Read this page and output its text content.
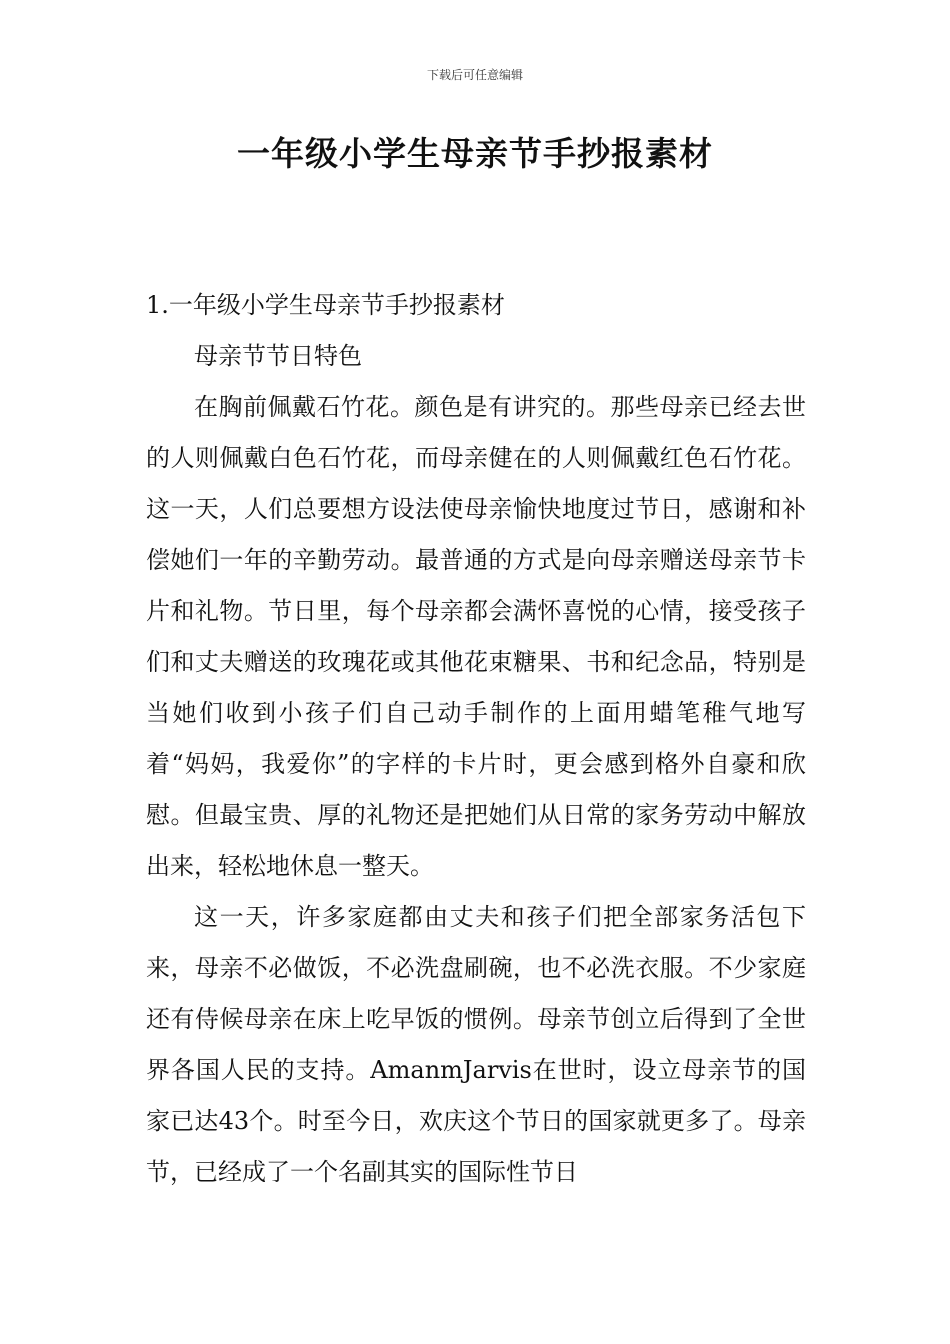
下载后可任意编辑
一年级小学生母亲节手抄报素材

1.一年级小学生母亲节手抄报素材

母亲节节日特色

在胸前佩戴石竹花。颜色是有讲究的。那些母亲已经去世的人则佩戴白色石竹花，而母亲健在的人则佩戴红色石竹花。这一天，人们总要想方设法使母亲愉快地度过节日，感谢和补偿她们一年的辛勤劳动。最普通的方式是向母亲赠送母亲节卡片和礼物。节日里，每个母亲都会满怀喜悦的心情，接受孩子们和丈夫赠送的玫瑰花或其他花束糖果、书和纪念品，特别是当她们收到小孩子们自己动手制作的上面用蜡笔稚气地写着“妈妈，我爱你”的字样的卡片时，更会感到格外自豪和欣慰。但最宝贵、厚的礼物还是把她们从日常的家务劳动中解放出来，轻松地休息一整天。

这一天，许多家庭都由丈夫和孩子们把全部家务活包下来，母亲不必做饭，不必洗盘刷碗，也不必洗衣服。不少家庭还有侍候母亲在床上吃早饭的惯例。母亲节创立后得到了全世界各国人民的支持。AmanmJarvis在世时，设立母亲节的国家已达43个。时至今日，欢庆这个节日的国家就更多了。母亲节，已经成了一个名副其实的国际性节日
